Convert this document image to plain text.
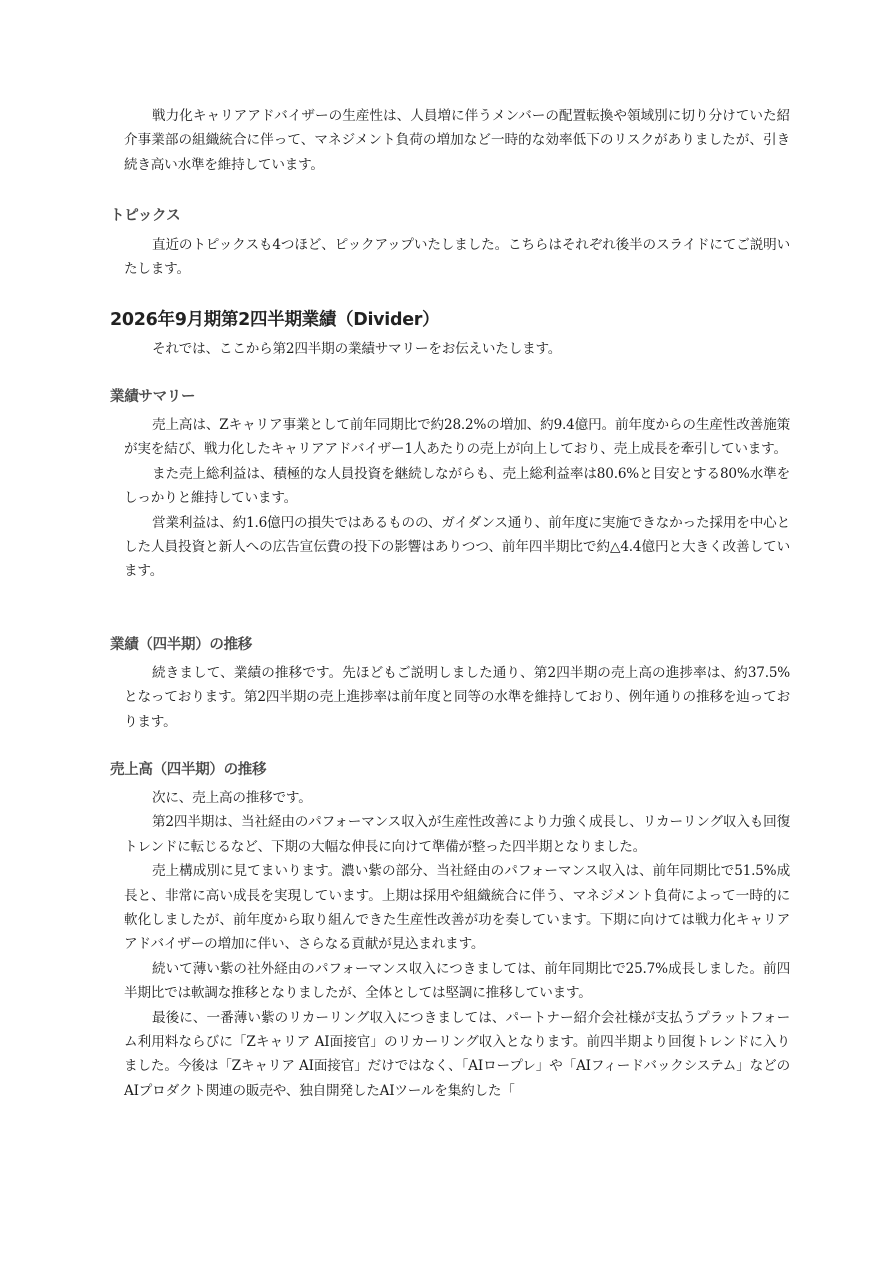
戦力化キャリアアドバイザーの生産性は、人員増に伴うメンバーの配置転換や領域別に切り分けていた紹介事業部の組織統合に伴って、マネジメント負荷の増加など一時的な効率低下のリスクがありましたが、引き続き高い水準を維持しています。

トピックス

直近のトピックスも4つほど、ピックアップいたしました。こちらはそれぞれ後半のスライドにてご説明いたします。

2026年9月期第2四半期業績（Divider）

それでは、ここから第2四半期の業績サマリーをお伝えいたします。

業績サマリー

売上高は、Zキャリア事業として前年同期比で約28.2%の増加、約9.4億円。前年度からの生産性改善施策が実を結び、戦力化したキャリアアドバイザー1人あたりの売上が向上しており、売上成長を牽引しています。

また売上総利益は、積極的な人員投資を継続しながらも、売上総利益率は80.6%と目安とする80%水準をしっかりと維持しています。

営業利益は、約1.6億円の損失ではあるものの、ガイダンス通り、前年度に実施できなかった採用を中心とした人員投資と新人への広告宣伝費の投下の影響はありつつ、前年四半期比で約△4.4億円と大きく改善しています。

業績（四半期）の推移

続きまして、業績の推移です。先ほどもご説明しました通り、第2四半期の売上高の進捗率は、約37.5%となっております。第2四半期の売上進捗率は前年度と同等の水準を維持しており、例年通りの推移を辿っております。

売上高（四半期）の推移

次に、売上高の推移です。

第2四半期は、当社経由のパフォーマンス収入が生産性改善により力強く成長し、リカーリング収入も回復トレンドに転じるなど、下期の大幅な伸長に向けて準備が整った四半期となりました。

売上構成別に見てまいります。濃い紫の部分、当社経由のパフォーマンス収入は、前年同期比で51.5%成長と、非常に高い成長を実現しています。上期は採用や組織統合に伴う、マネジメント負荷によって一時的に軟化しましたが、前年度から取り組んできた生産性改善が功を奏しています。下期に向けては戦力化キャリアアドバイザーの増加に伴い、さらなる貢献が見込まれます。

続いて薄い紫の社外経由のパフォーマンス収入につきましては、前年同期比で25.7%成長しました。前四半期比では軟調な推移となりましたが、全体としては堅調に推移しています。

最後に、一番薄い紫のリカーリング収入につきましては、パートナー紹介会社様が支払うプラットフォーム利用料ならびに「Zキャリア AI面接官」のリカーリング収入となります。前四半期より回復トレンドに入りました。今後は「Zキャリア AI面接官」だけではなく、「AIロープレ」や「AIフィードバックシステム」などのAIプロダクト関連の販売や、独自開発したAIツールを集約した「
